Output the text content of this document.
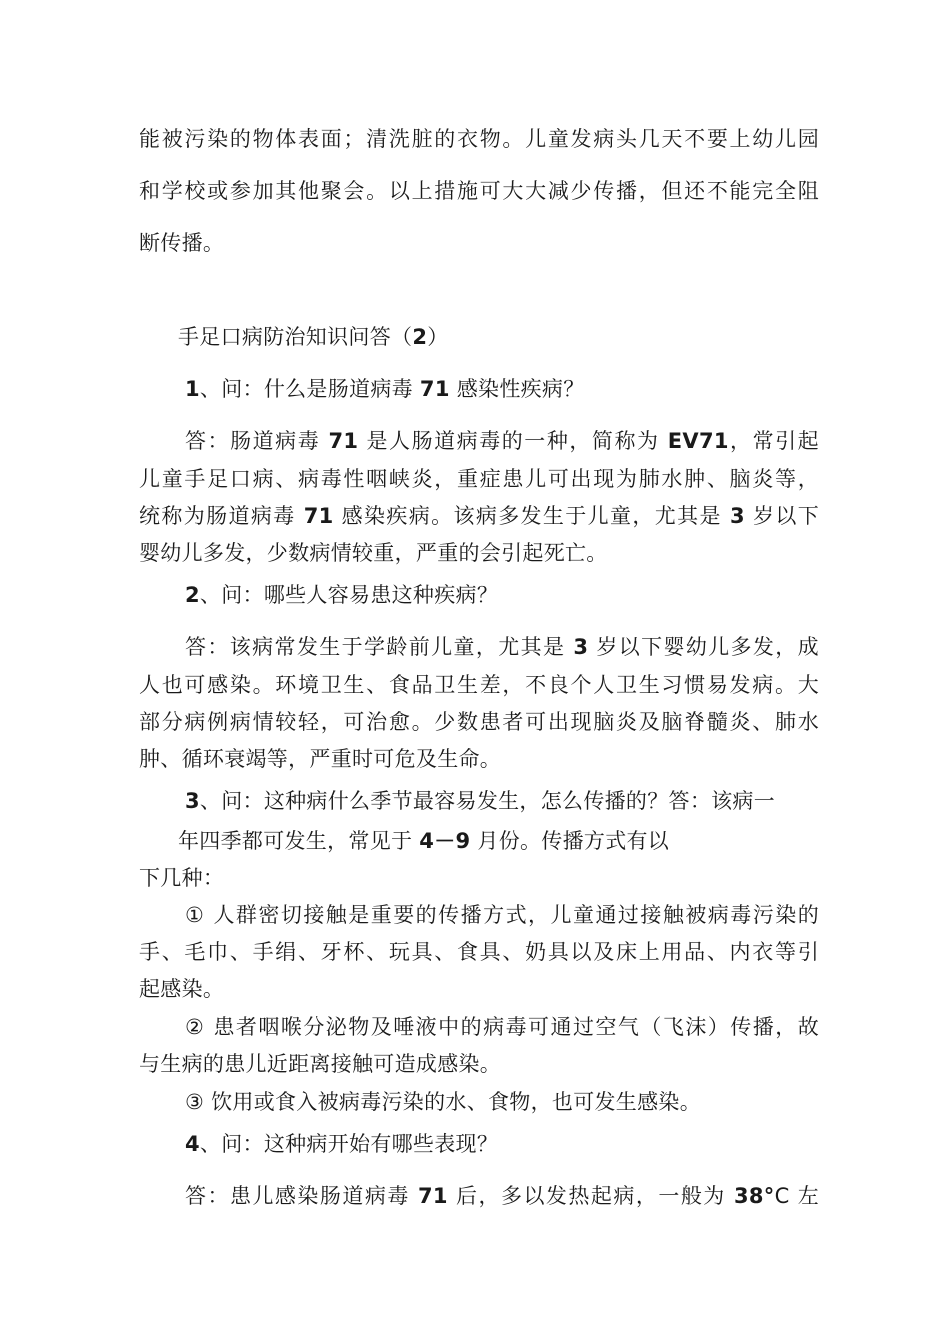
能被污染的物体表面；清洗脏的衣物。儿童发病头几天不要上幼儿园
和学校或参加其他聚会。以上措施可大大减少传播，但还不能完全阻
断传播。
手足口病防治知识问答（2）
1、问：什么是肠道病毒 71 感染性疾病？
答：肠道病毒 71 是人肠道病毒的一种，简称为 EV71，常引起
儿童手足口病、病毒性咽峡炎，重症患儿可出现为肺水肿、脑炎等，
统称为肠道病毒 71 感染疾病。该病多发生于儿童，尤其是 3 岁以下
婴幼儿多发，少数病情较重，严重的会引起死亡。
2、问：哪些人容易患这种疾病？
答：该病常发生于学龄前儿童，尤其是 3 岁以下婴幼儿多发，成
人也可感染。环境卫生、食品卫生差，不良个人卫生习惯易发病。大
部分病例病情较轻，可治愈。少数患者可出现脑炎及脑脊髓炎、肺水
肿、循环衰竭等，严重时可危及生命。
3、问：这种病什么季节最容易发生，怎么传播的？答：该病一
年四季都可发生，常见于 4－9 月份。传播方式有以
下几种：
① 人群密切接触是重要的传播方式，儿童通过接触被病毒污染的
手、毛巾、手绢、牙杯、玩具、食具、奶具以及床上用品、内衣等引
起感染。
② 患者咽喉分泌物及唾液中的病毒可通过空气（飞沫）传播，故
与生病的患儿近距离接触可造成感染。
③ 饮用或食入被病毒污染的水、食物，也可发生感染。
4、问：这种病开始有哪些表现？
答：患儿感染肠道病毒 71 后，多以发热起病，一般为 38°C 左
